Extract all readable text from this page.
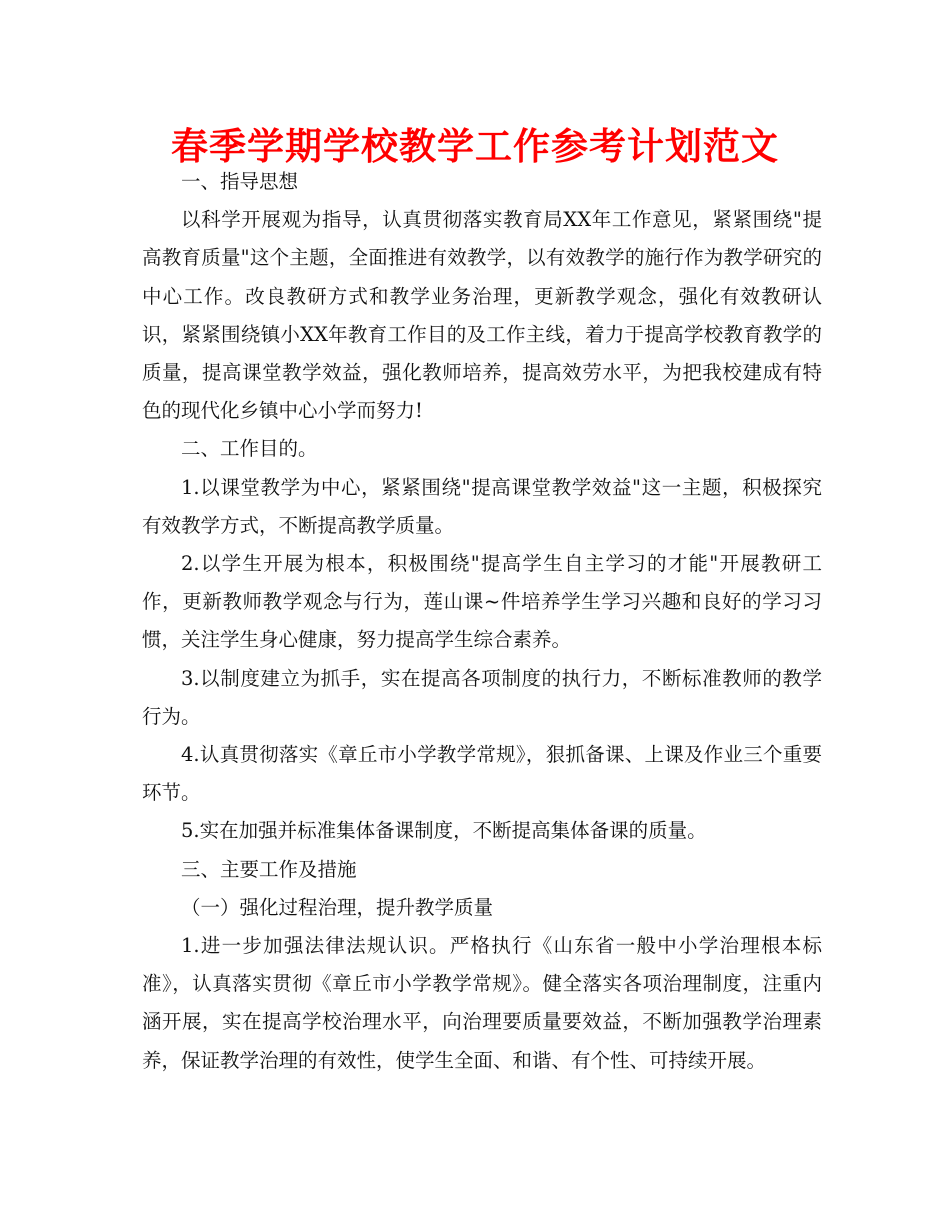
春季学期学校教学工作参考计划范文

一、指导思想

以科学开展观为指导，认真贯彻落实教育局XX年工作意见，紧紧围绕"提高教育质量"这个主题，全面推进有效教学，以有效教学的施行作为教学研究的中心工作。改良教研方式和教学业务治理，更新教学观念，强化有效教研认识，紧紧围绕镇小XX年教育工作目的及工作主线，着力于提高学校教育教学的质量，提高课堂教学效益，强化教师培养，提高效劳水平，为把我校建成有特色的现代化乡镇中心小学而努力!

二、工作目的。

1.以课堂教学为中心，紧紧围绕"提高课堂教学效益"这一主题，积极探究有效教学方式，不断提高教学质量。

2.以学生开展为根本，积极围绕"提高学生自主学习的才能"开展教研工作，更新教师教学观念与行为，莲山课~件培养学生学习兴趣和良好的学习习惯，关注学生身心健康，努力提高学生综合素养。

3.以制度建立为抓手，实在提高各项制度的执行力，不断标准教师的教学行为。

4.认真贯彻落实《章丘市小学教学常规》，狠抓备课、上课及作业三个重要环节。

5.实在加强并标准集体备课制度，不断提高集体备课的质量。

三、主要工作及措施

（一）强化过程治理，提升教学质量

1.进一步加强法律法规认识。严格执行《山东省一般中小学治理根本标准》，认真落实贯彻《章丘市小学教学常规》。健全落实各项治理制度，注重内涵开展，实在提高学校治理水平，向治理要质量要效益，不断加强教学治理素养，保证教学治理的有效性，使学生全面、和谐、有个性、可持续开展。
